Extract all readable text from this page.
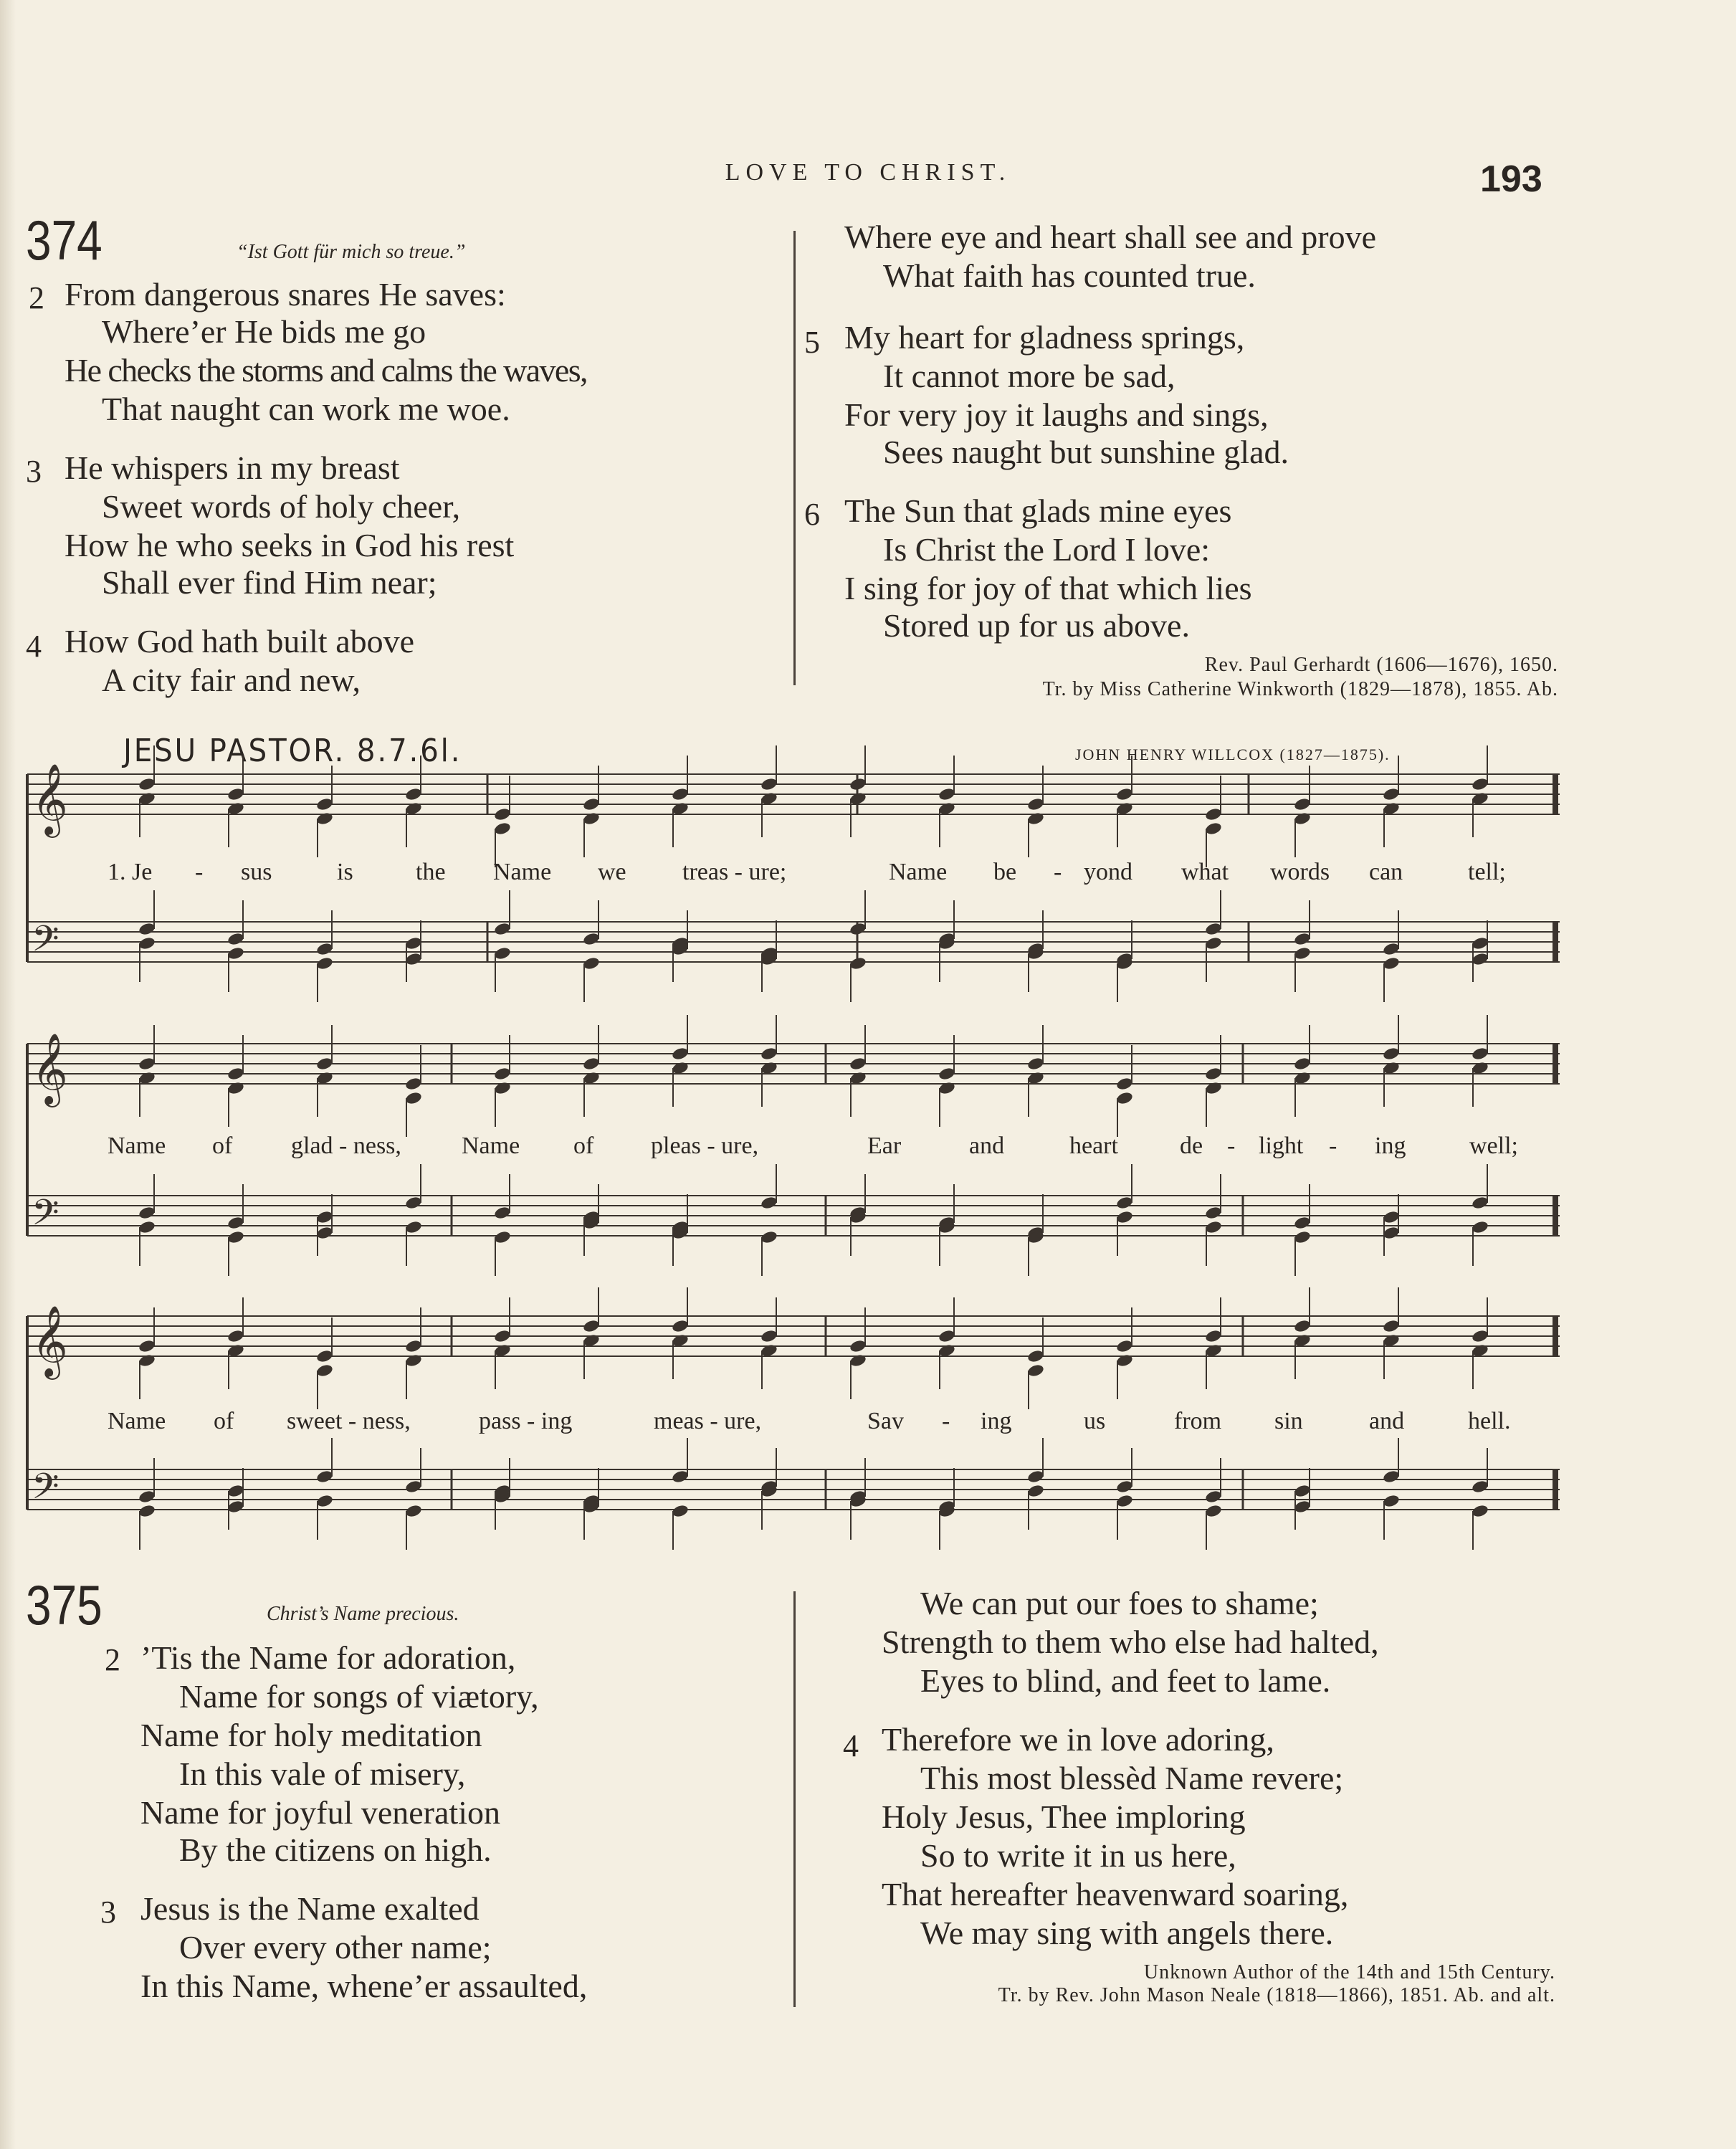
LOVE TO CHRIST.	193
374	“Ist Gott für mich so treue.”
2 From dangerous snares He saves:
Where’er He bids me go
He checks the storms and calms the waves,
That naught can work me woe.
3 He whispers in my breast
Sweet words of holy cheer,
How he who seeks in God his rest
Shall ever find Him near;
4 How God hath built above
A city fair and new,
Where eye and heart shall see and prove
What faith has counted true.
5 My heart for gladness springs,
It cannot more be sad,
For very joy it laughs and sings,
Sees naught but sunshine glad.
6 The Sun that glads mine eyes
Is Christ the Lord I love:
I sing for joy of that which lies
Stored up for us above.
Rev. Paul Gerhardt (1606—1676), 1650.
Tr. by Miss Catherine Winkworth (1829—1878), 1855. Ab.
JESU PASTOR. 8.7.6l.	JOHN HENRY WILLCOX (1827—1875).
𝄞
𝄢
𝄞
𝄢
𝄞
𝄢
1. Je - sus	is	the Name we treas - ure;	Name be - yond what words can	tell;
Name of glad - ness, Name of pleas - ure,	Ear	and	heart	de - light - ing	well;
Name of sweet - ness,	pass - ing	meas - ure,	Sav - ing	us	from sin	and	hell.
375	Christ’s Name precious.
2 ’Tis the Name for adoration,
Name for songs of viætory,
Name for holy meditation
In this vale of misery,
Name for joyful veneration
By the citizens on high.
3 Jesus is the Name exalted
Over every other name;
In this Name, whene’er assaulted,
We can put our foes to shame;
Strength to them who else had halted,
Eyes to blind, and feet to lame.
4 Therefore we in love adoring,
This most blessèd Name revere;
Holy Jesus, Thee imploring
So to write it in us here,
That hereafter heavenward soaring,
We may sing with angels there.
Unknown Author of the 14th and 15th Century.
Tr. by Rev. John Mason Neale (1818—1866), 1851. Ab. and alt.
